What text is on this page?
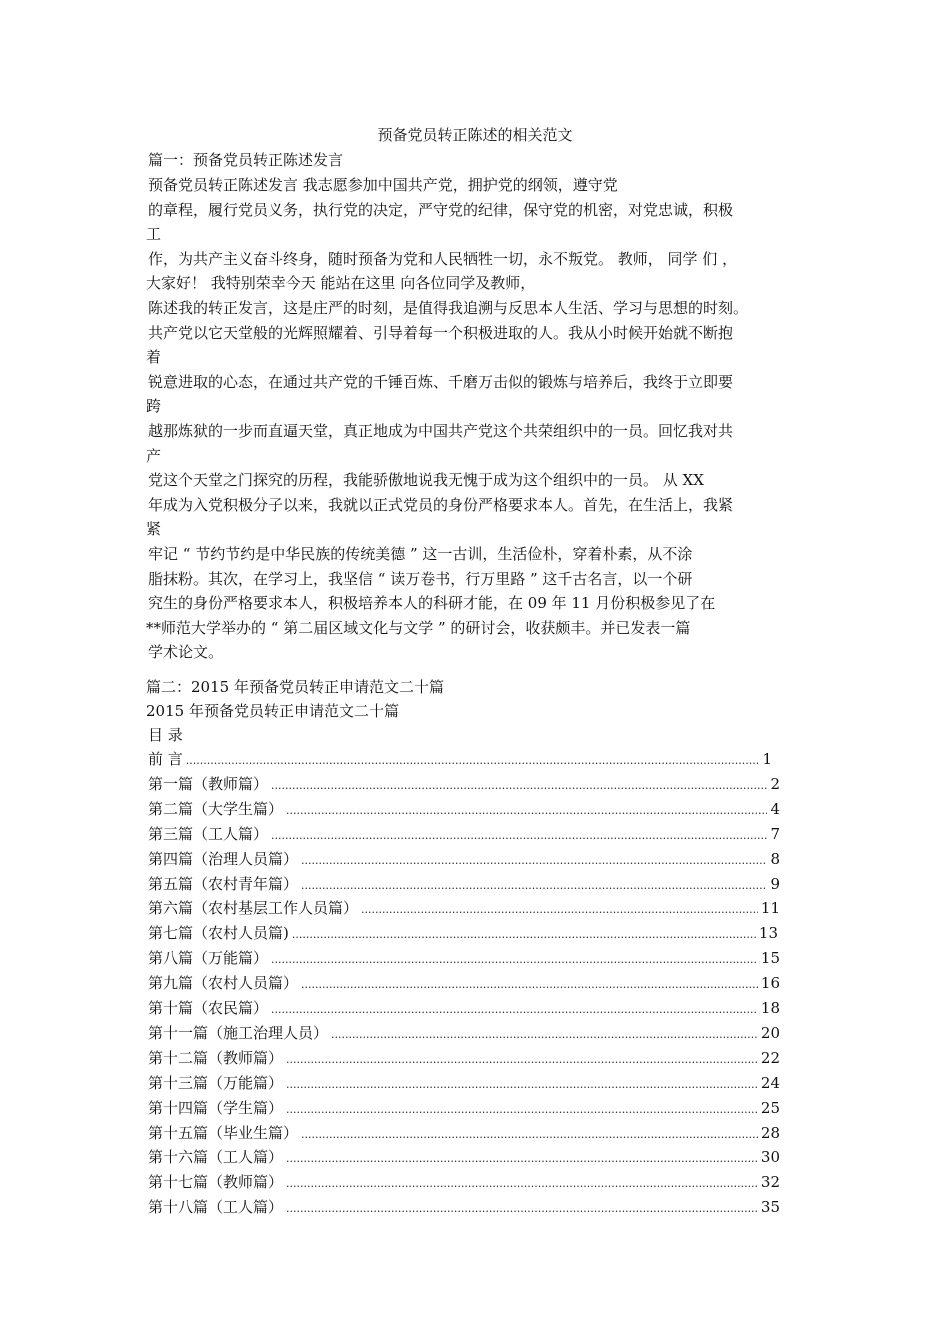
预备党员转正陈述的相关范文
篇一：预备党员转正陈述发言
预备党员转正陈述发言 我志愿参加中国共产党，拥护党的纲领，遵守党
的章程，履行党员义务，执行党的决定，严守党的纪律，保守党的机密，对党忠诚，积极
工
作，为共产主义奋斗终身，随时预备为党和人民牺牲一切，永不叛党。 教师， 同学 们 ，
大家好！ 我特别荣幸今天 能站在这里 向各位同学及教师，
陈述我的转正发言，这是庄严的时刻，是值得我追溯与反思本人生活、学习与思想的时刻。
共产党以它天堂般的光辉照耀着、引导着每一个积极进取的人。我从小时候开始就不断抱
着
锐意进取的心态，在通过共产党的千锤百炼、千磨万击似的锻炼与培养后，我终于立即要
跨
越那炼狱的一步而直逼天堂，真正地成为中国共产党这个共荣组织中的一员。回忆我对共
产
党这个天堂之门探究的历程，我能骄傲地说我无愧于成为这个组织中的一员。 从 XX
年成为入党积极分子以来，我就以正式党员的身份严格要求本人。首先，在生活上，我紧
紧
牢记 “ 节约节约是中华民族的传统美德 ” 这一古训，生活俭朴，穿着朴素，从不涂
脂抹粉。其次，在学习上，我坚信 “ 读万卷书，行万里路 ” 这千古名言，以一个研
究生的身份严格要求本人，积极培养本人的科研才能，在 09 年 11 月份积极参见了在
**师范大学举办的 “ 第二届区域文化与文学 ” 的研讨会，收获颇丰。并已发表一篇
学术论文。
篇二：2015 年预备党员转正申请范文二十篇
2015 年预备党员转正申请范文二十篇
目 录
前 言 .....	1
第一篇（教师篇） .....	2
第二篇（大学生篇） .....	4
第三篇（工人篇） .....	7
第四篇（治理人员篇） .....	8
第五篇（农村青年篇） .....	9
第六篇（农村基层工作人员篇） .....	11
第七篇（农村人员篇) .....	13
第八篇（万能篇） .....	15
第九篇（农村人员篇） .....	16
第十篇（农民篇） .....	18
第十一篇（施工治理人员） .....	20
第十二篇（教师篇） .....	22
第十三篇（万能篇） .....	24
第十四篇（学生篇） .....	25
第十五篇（毕业生篇） .....	28
第十六篇（工人篇） .....	30
第十七篇（教师篇） .....	32
第十八篇（工人篇） .....	35
